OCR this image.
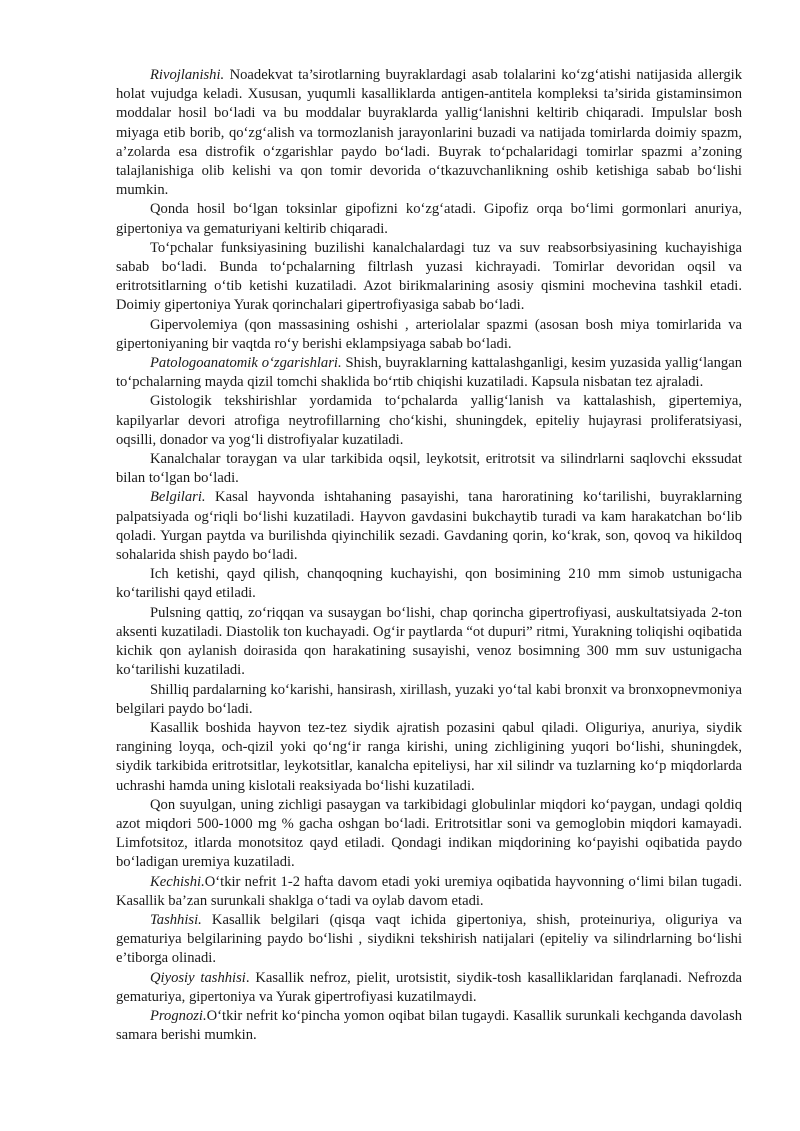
Rivojlanishi. Noadekvat ta’sirotlarning buyraklardagi asab tolalarini ko‘zg‘atishi natijasida allergik holat vujudga keladi. Xususan, yuqumli kasalliklarda antigen-antitela kompleksi ta’sirida gistaminsimon moddalar hosil bo‘ladi va bu moddalar buyraklarda yallig‘lanishni keltirib chiqaradi. Impulslar bosh miyaga etib borib, qo‘zg‘alish va tormozlanish jarayonlarini buzadi va natijada tomirlarda doimiy spazm, a’zolarda esa distrofik o‘zgarishlar paydo bo‘ladi. Buyrak to‘pchalaridagi tomirlar spazmi a’zoning talajlanishiga olib kelishi va qon tomir devorida o‘tkazuvchanlikning oshib ketishiga sabab bo‘lishi mumkin.

Qonda hosil bo‘lgan toksinlar gipofizni ko‘zg‘atadi. Gipofiz orqa bo‘limi gormonlari anuriya, gipertoniya va gematuriyani keltirib chiqaradi.

To‘pchalar funksiyasining buzilishi kanalchalardagi tuz va suv reabsorbsiyasining kuchayishiga sabab bo‘ladi. Bunda to‘pchalarning filtrlash yuzasi kichrayadi. Tomirlar devoridan oqsil va eritrotsitlarning o‘tib ketishi kuzatiladi. Azot birikmalarining asosiy qismini mochevina tashkil etadi. Doimiy gipertoniya Yurak qorinchalari gipertrofiyasiga sabab bo‘ladi.

Gipervolemiya (qon massasining oshishi , arteriolalar spazmi (asosan bosh miya tomirlarida va gipertoniyaning bir vaqtda ro‘y berishi eklampsiyaga sabab bo‘ladi.

Patologoanatomik o‘zgarishlari. Shish, buyraklarning kattalashganligi, kesim yuzasida yallig‘langan to‘pchalarning mayda qizil tomchi shaklida bo‘rtib chiqishi kuzatiladi. Kapsula nisbatan tez ajraladi.

Gistologik tekshirishlar yordamida to‘pchalarda yallig‘lanish va kattalashish, gipertemiya, kapilyarlar devori atrofiga neytrofillarning cho‘kishi, shuningdek, epiteliy hujayrasi proliferatsiyasi, oqsilli, donador va yog‘li distrofiyalar kuzatiladi.

Kanalchalar toraygan va ular tarkibida oqsil, leykotsit, eritrotsit va silindrlarni saqlovchi ekssudat bilan to‘lgan bo‘ladi.

Belgilari. Kasal hayvonda ishtahaning pasayishi, tana haroratining ko‘tarilishi, buyraklarning palpatsiyada og‘riqli bo‘lishi kuzatiladi. Hayvon gavdasini bukchaytib turadi va kam harakatchan bo‘lib qoladi. Yurgan paytda va burilishda qiyinchilik sezadi. Gavdaning qorin, ko‘krak, son, qovoq va hikildoq sohalarida shish paydo bo‘ladi.

Ich ketishi, qayd qilish, chanqoqning kuchayishi, qon bosimining 210 mm simob ustunigacha ko‘tarilishi qayd etiladi.

Pulsning qattiq, zo‘riqqan va susaygan bo‘lishi, chap qorincha gipertrofiyasi, auskultatsiyada 2-ton aksenti kuzatiladi. Diastolik ton kuchayadi. Og‘ir paytlarda “ot dupuri” ritmi, Yurakning toliqishi oqibatida kichik qon aylanish doirasida qon harakatining susayishi, venoz bosimning 300 mm suv ustunigacha ko‘tarilishi kuzatiladi.

Shilliq pardalarning ko‘karishi, hansirash, xirillash, yuzaki yo‘tal kabi bronxit va bronxopnevmoniya belgilari paydo bo‘ladi.

Kasallik boshida hayvon tez-tez siydik ajratish pozasini qabul qiladi. Oliguriya, anuriya, siydik rangining loyqa, och-qizil yoki qo‘ng‘ir ranga kirishi, uning zichligining yuqori bo‘lishi, shuningdek, siydik tarkibida eritrotsitlar, leykotsitlar, kanalcha epiteliysi, har xil silindr va tuzlarning ko‘p miqdorlarda uchrashi hamda uning kislotali reaksiyada bo‘lishi kuzatiladi.

Qon suyulgan, uning zichligi pasaygan va tarkibidagi globulinlar miqdori ko‘paygan, undagi qoldiq azot miqdori 500-1000 mg % gacha oshgan bo‘ladi. Eritrotsitlar soni va gemoglobin miqdori kamayadi. Limfotsitoz, itlarda monotsitoz qayd etiladi. Qondagi indikan miqdorining ko‘payishi oqibatida paydo bo‘ladigan uremiya kuzatiladi.

Kechishi.O‘tkir nefrit 1-2 hafta davom etadi yoki uremiya oqibatida hayvonning o‘limi bilan tugadi. Kasallik ba’zan surunkali shaklga o‘tadi va oylab davom etadi.

Tashhisi. Kasallik belgilari (qisqa vaqt ichida gipertoniya, shish, proteinuriya, oliguriya va gematuriya belgilarining paydo bo‘lishi , siydikni tekshirish natijalari (epiteliy va silindrlarning bo‘lishi e’tiborga olinadi.

Qiyosiy tashhisi. Kasallik nefroz, pielit, urotsistit, siydik-tosh kasalliklaridan farqlanadi. Nefrozda gematuriya, gipertoniya va Yurak gipertrofiyasi kuzatilmaydi.

Prognozi.O‘tkir nefrit ko‘pincha yomon oqibat bilan tugaydi. Kasallik surunkali kechganda davolash samara berishi mumkin.
